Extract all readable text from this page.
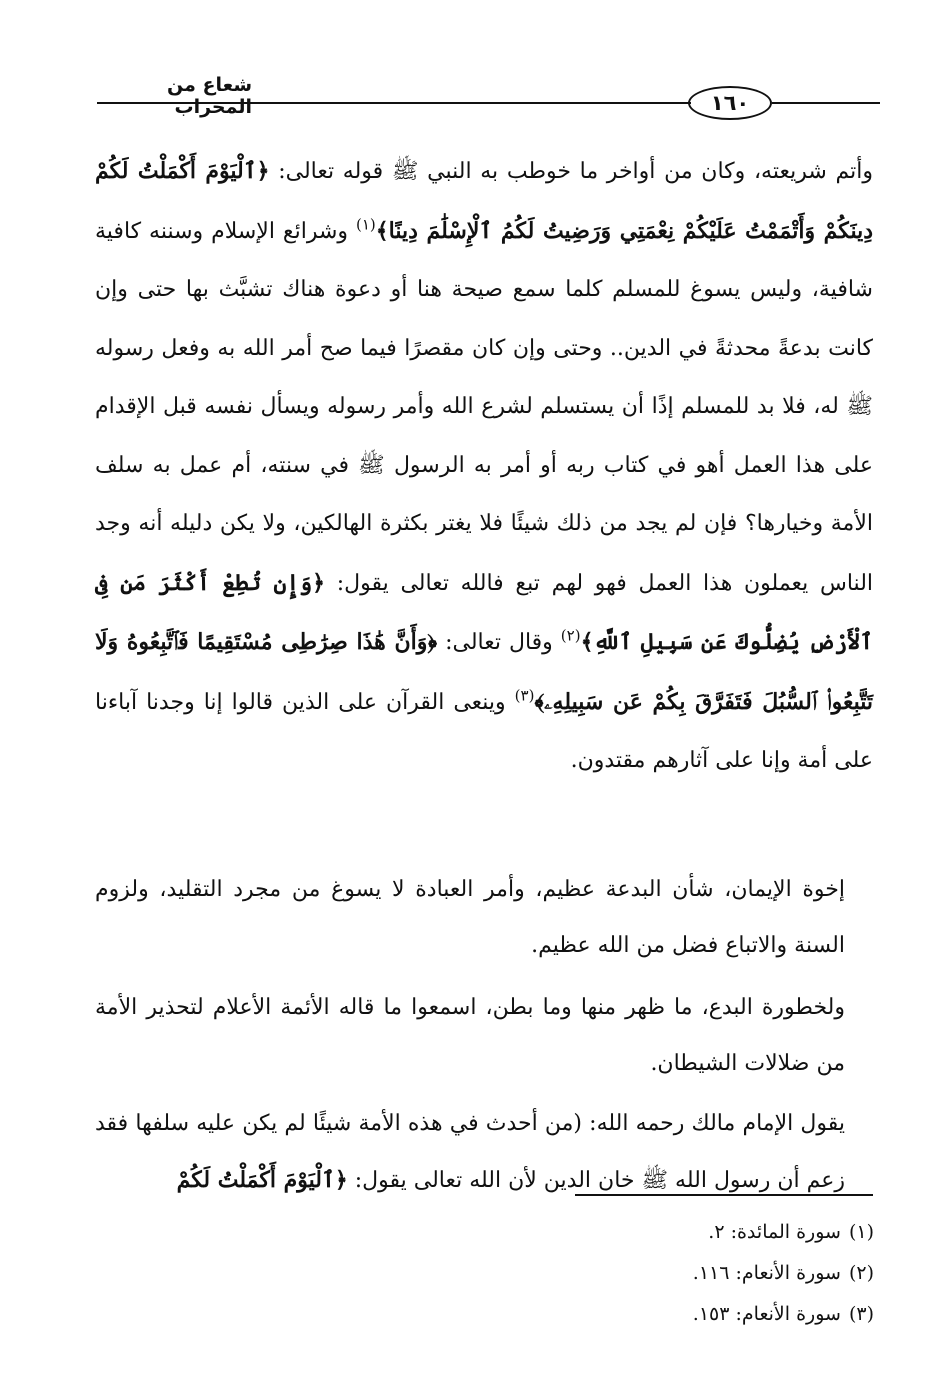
شعاع من المحراب	١٦٠

وأتم شريعته، وكان من أواخر ما خوطب به النبي ﷺ قوله تعالى: ﴿ٱلْيَوْمَ أَكْمَلْتُ لَكُمْ دِينَكُمْ وَأَتْمَمْتُ عَلَيْكُمْ نِعْمَتِي وَرَضِيتُ لَكُمُ ٱلْإِسْلَٰمَ دِينًا﴾$^{(١)}$ وشرائع الإسلام وسننه كافية شافية، وليس يسوغ للمسلم كلما سمع صيحة هنا أو دعوة هناك تشبَّث بها حتى وإن كانت بدعةً محدثةً في الدين.. وحتى وإن كان مقصرًا فيما صح أمر الله به وفعل رسوله ﷺ له، فلا بد للمسلم إذًا أن يستسلم لشرع الله وأمر رسوله ويسأل نفسه قبل الإقدام على هذا العمل أهو في كتاب ربه أو أمر به الرسول ﷺ في سنته، أم عمل به سلف الأمة وخيارها؟ فإن لم يجد من ذلك شيئًا فلا يغتر بكثرة الهالكين، ولا يكن دليله أنه وجد الناس يعملون هذا العمل فهو لهم تبع فالله تعالى يقول: ﴿وَإِن تُطِعْ أَكْثَرَ مَن فِى ٱلْأَرْضِ يُضِلُّوكَ عَن سَبِيلِ ٱللَّهِ﴾$^{(٢)}$ وقال تعالى: ﴿وَأَنَّ هَٰذَا صِرَٰطِى مُسْتَقِيمًا فَٱتَّبِعُوهُ وَلَا تَتَّبِعُوا۟ ٱلسُّبُلَ فَتَفَرَّقَ بِكُمْ عَن سَبِيلِهِۦ﴾$^{(٣)}$ وينعى القرآن على الذين قالوا إنا وجدنا آباءنا على أمة وإنا على آثارهم مقتدون.

إخوة الإيمان، شأن البدعة عظيم، وأمر العبادة لا يسوغ من مجرد التقليد، ولزوم السنة والاتباع فضل من الله عظيم.

ولخطورة البدع، ما ظهر منها وما بطن، اسمعوا ما قاله الأئمة الأعلام لتحذير الأمة من ضلالات الشيطان.

يقول الإمام مالك رحمه الله: (من أحدث في هذه الأمة شيئًا لم يكن عليه سلفها فقد زعم أن رسول الله ﷺ خان الدين لأن الله تعالى يقول: ﴿ٱلْيَوْمَ أَكْمَلْتُ لَكُمْ

(١)
سورة المائدة: ٢.
(٢)
سورة الأنعام: ١١٦.
(٣)
سورة الأنعام: ١٥٣.
